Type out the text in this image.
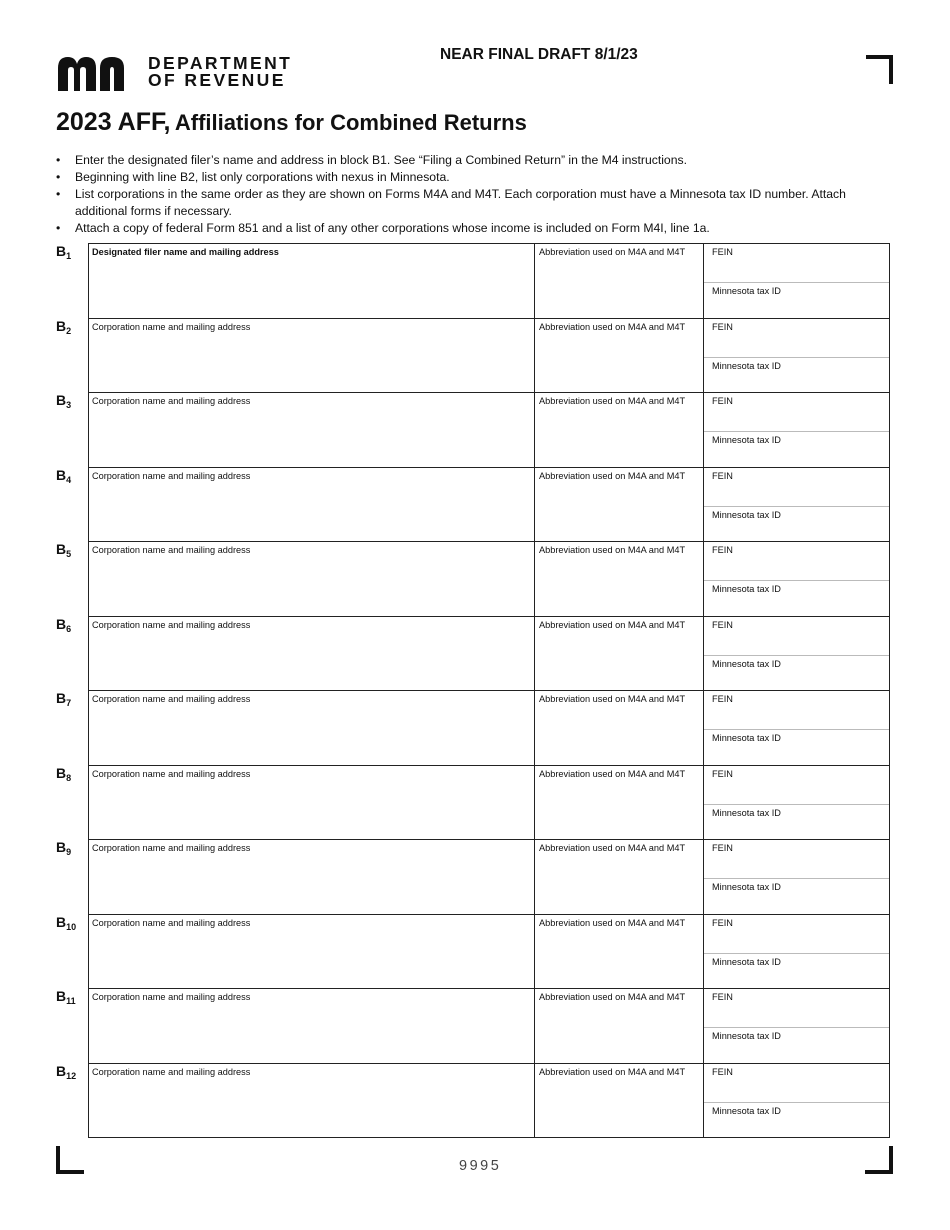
DEPARTMENT
OF REVENUE
NEAR FINAL DRAFT 8/1/23
2023 AFF, Affiliations for Combined Returns
• Enter the designated filer’s name and address in block B1. See “Filing a Combined Return” in the M4 instructions.
• Beginning with line B2, list only corporations with nexus in Minnesota.
• List corporations in the same order as they are shown on Forms M4A and M4T. Each corporation must have a Minnesota tax ID number. Attach additional forms if necessary.
• Attach a copy of federal Form 851 and a list of any other corporations whose income is included on Form M4I, line 1a.
$B_1$
$B_2$
$B_3$
$B_4$
$B_5$
$B_6$
$B_7$
$B_8$
$B_9$
$B_{10}$
$B_{11}$
$B_{12}$
Designated filer name and mailing address	Abbreviation used on M4A and M4T	FEIN
Minnesota tax ID
Corporation name and mailing address	Abbreviation used on M4A and M4T	FEIN
Minnesota tax ID
Corporation name and mailing address	Abbreviation used on M4A and M4T	FEIN
Minnesota tax ID
Corporation name and mailing address	Abbreviation used on M4A and M4T	FEIN
Minnesota tax ID
Corporation name and mailing address	Abbreviation used on M4A and M4T	FEIN
Minnesota tax ID
Corporation name and mailing address	Abbreviation used on M4A and M4T	FEIN
Minnesota tax ID
Corporation name and mailing address	Abbreviation used on M4A and M4T	FEIN
Minnesota tax ID
Corporation name and mailing address	Abbreviation used on M4A and M4T	FEIN
Minnesota tax ID
Corporation name and mailing address	Abbreviation used on M4A and M4T	FEIN
Minnesota tax ID
Corporation name and mailing address	Abbreviation used on M4A and M4T	FEIN
Minnesota tax ID
Corporation name and mailing address	Abbreviation used on M4A and M4T	FEIN
Minnesota tax ID
Corporation name and mailing address	Abbreviation used on M4A and M4T	FEIN
Minnesota tax ID
9995
